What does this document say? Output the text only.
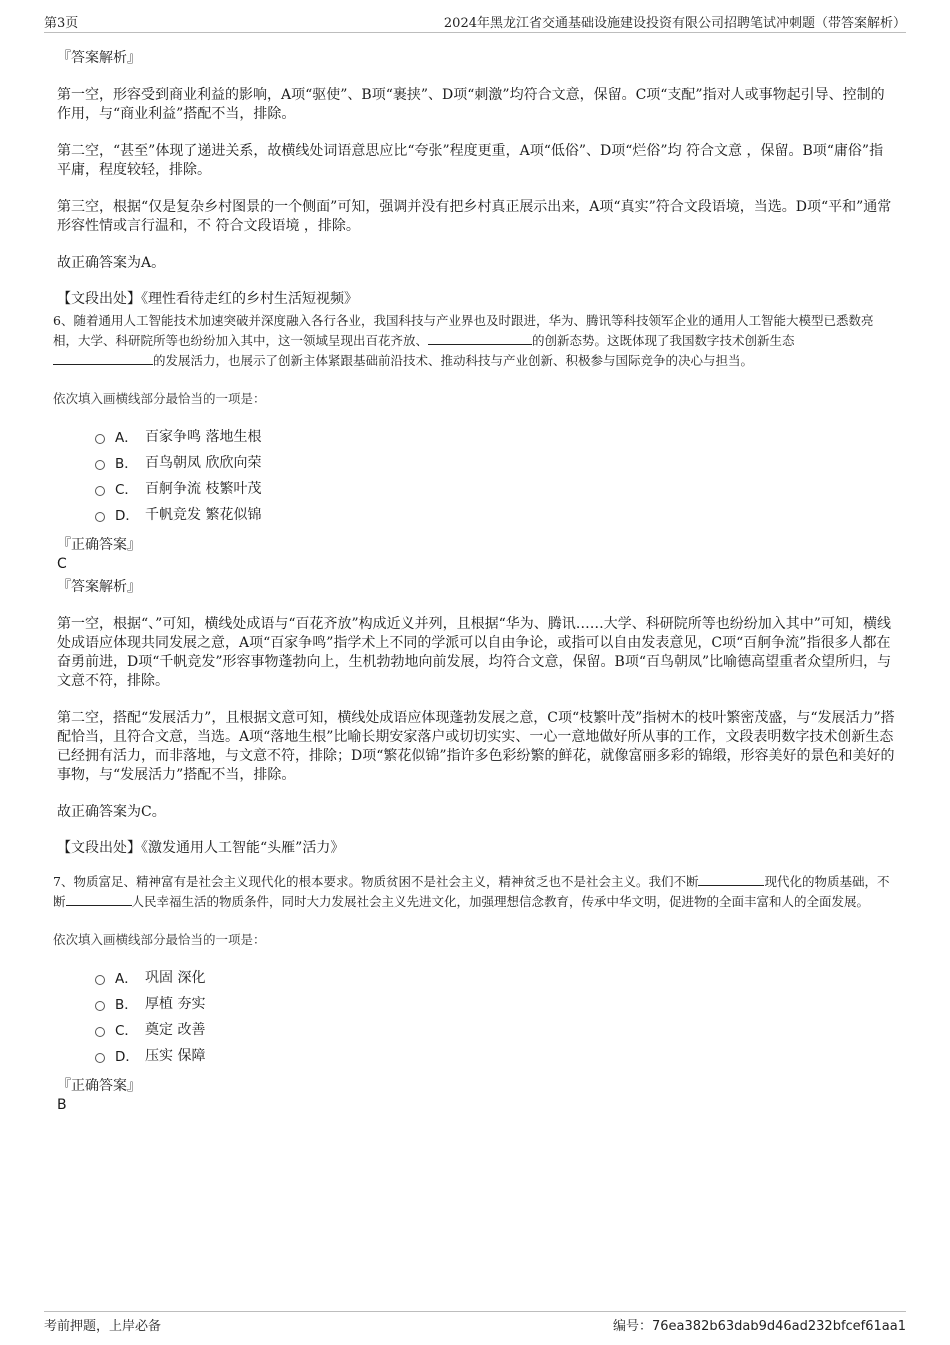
第3页	2024年黑龙江省交通基础设施建设投资有限公司招聘笔试冲刺题（带答案解析）
『答案解析』

第一空，形容受到商业利益的影响，A项“驱使”、B项“裹挟”、D项“刺激”均符合文意，保留。C项“支配”指对人或事物起引导、控制的作用，与“商业利益”搭配不当，排除。

第二空，“甚至”体现了递进关系，故横线处词语意思应比“夸张”程度更重，A项“低俗”、D项“烂俗”均 符合文意 ，保留。B项“庸俗”指平庸，程度较轻，排除。

第三空，根据“仅是复杂乡村图景的一个侧面”可知，强调并没有把乡村真正展示出来，A项“真实”符合文段语境，当选。D项“平和”通常形容性情或言行温和，不 符合文段语境 ，排除。

故正确答案为A。

【文段出处】《理性看待走红的乡村生活短视频》
6、随着通用人工智能技术加速突破并深度融入各行各业，我国科技与产业界也及时跟进，华为、腾讯等科技领军企业的通用人工智能大模型已悉数亮相，大学、科研院所等也纷纷加入其中，这一领域呈现出百花齐放、	的创新态势。这既体现了我国数字技术创新生态
的发展活力，也展示了创新主体紧跟基础前沿技术、推动科技与产业创新、积极参与国际竞争的决心与担当。
依次填入画横线部分最恰当的一项是：
A． 百家争鸣 落地生根
B． 百鸟朝凤 欣欣向荣
C． 百舸争流 枝繁叶茂
D． 千帆竞发 繁花似锦
『正确答案』
C
『答案解析』

第一空，根据“、”可知，横线处成语与“百花齐放”构成近义并列，且根据“华为、腾讯……大学、科研院所等也纷纷加入其中”可知，横线处成语应体现共同发展之意，A项“百家争鸣”指学术上不同的学派可以自由争论，或指可以自由发表意见，C项“百舸争流”指很多人都在奋勇前进，D项“千帆竞发”形容事物蓬勃向上，生机勃勃地向前发展，均符合文意，保留。B项“百鸟朝凤”比喻德高望重者众望所归，与文意不符，排除。

第二空，搭配“发展活力”，且根据文意可知，横线处成语应体现蓬勃发展之意，C项“枝繁叶茂”指树木的枝叶繁密茂盛，与“发展活力”搭配恰当，且符合文意，当选。A项“落地生根”比喻长期安家落户或切切实实、一心一意地做好所从事的工作，文段表明数字技术创新生态已经拥有活力，而非落地，与文意不符，排除；D项“繁花似锦”指许多色彩纷繁的鲜花，就像富丽多彩的锦缎，形容美好的景色和美好的事物，与“发展活力”搭配不当，排除。

故正确答案为C。

【文段出处】《激发通用人工智能“头雁”活力》
7、物质富足、精神富有是社会主义现代化的根本要求。物质贫困不是社会主义，精神贫乏也不是社会主义。我们不断	现代化的物质基础，不断	人民幸福生活的物质条件，同时大力发展社会主义先进文化，加强理想信念教育，传承中华文明，促进物的全面丰富和人的全面发展。
依次填入画横线部分最恰当的一项是：
A． 巩固 深化
B． 厚植 夯实
C． 奠定 改善
D． 压实 保障
『正确答案』
B
考前押题，上岸必备	编号：76ea382b63dab9d46ad232bfcef61aa1
